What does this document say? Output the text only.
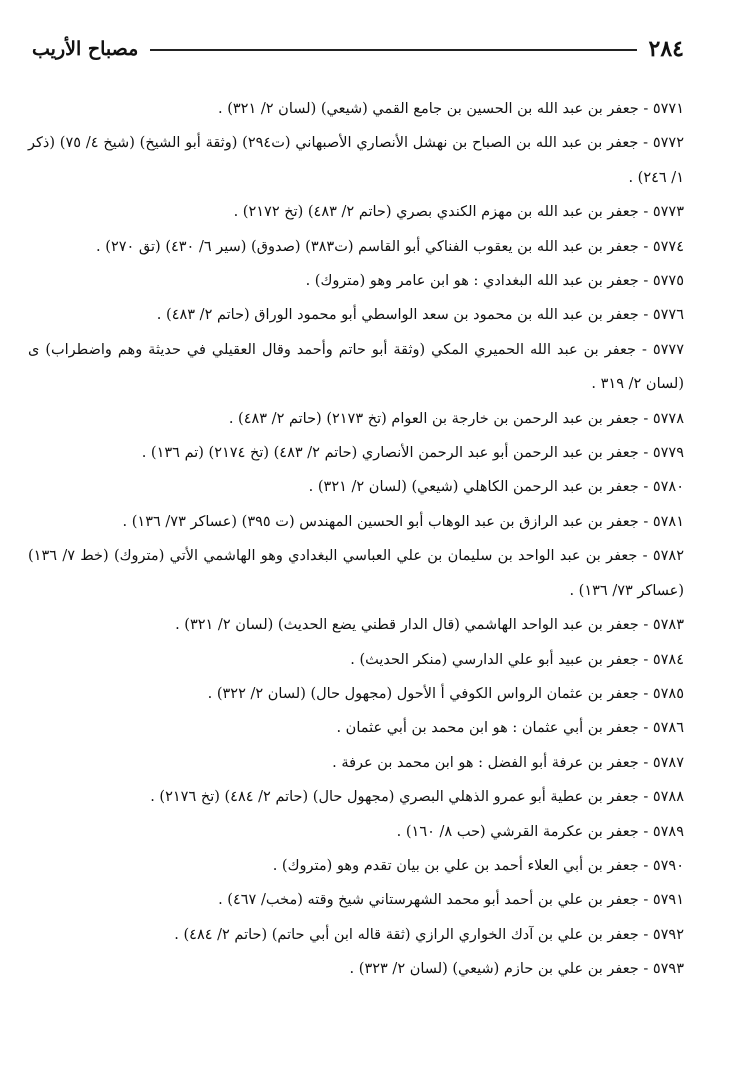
٢٨٤
مصباح الأريب
٥٧٧١ - جعفر بن عبد الله بن الحسين بن جامع القمي (شيعي) (لسان ٢/ ٣٢١) .
٥٧٧٢ - جعفر بن عبد الله بن الصباح بن نهشل الأنصاري الأصبهاني (ت٢٩٤) (وثقة أبو الشيخ) (شيخ ٤/ ٧٥) (ذكر ١/ ٢٤٦) .
٥٧٧٣ - جعفر بن عبد الله بن مهزم الكندي بصري (حاتم ٢/ ٤٨٣) (تخ ٢١٧٢) .
٥٧٧٤ - جعفر بن عبد الله بن يعقوب الفناكي أبو القاسم (ت٣٨٣) (صدوق) (سير ٦/ ٤٣٠) (تق ٢٧٠) .
٥٧٧٥ - جعفر بن عبد الله البغدادي : هو ابن عامر وهو (متروك) .
٥٧٧٦ - جعفر بن عبد الله بن محمود بن سعد الواسطي أبو محمود الوراق (حاتم ٢/ ٤٨٣) .
٥٧٧٧ - جعفر بن عبد الله الحميري المكي (وثقة أبو حاتم وأحمد وقال العقيلي في حديثة وهم واضطراب) ى (لسان ٢/ ٣١٩ .
٥٧٧٨ - جعفر بن عبد الرحمن بن خارجة بن العوام (تخ ٢١٧٣) (حاتم ٢/ ٤٨٣) .
٥٧٧٩ - جعفر بن عبد الرحمن أبو عبد الرحمن الأنصاري (حاتم ٢/ ٤٨٣) (تخ ٢١٧٤) (تم ١٣٦) .
٥٧٨٠ - جعفر بن عبد الرحمن الكاهلي (شيعي) (لسان ٢/ ٣٢١) .
٥٧٨١ - جعفر بن عبد الرازق بن عبد الوهاب أبو الحسين المهندس (ت ٣٩٥) (عساكر ٧٣/ ١٣٦) .
٥٧٨٢ - جعفر بن عبد الواحد بن سليمان بن علي العباسي البغدادي وهو الهاشمي الأتي (متروك) (خط ٧/ ١٣٦) (عساكر ٧٣/ ١٣٦) .
٥٧٨٣ - جعفر بن عبد الواحد الهاشمي (قال الدار قطني يضع الحديث) (لسان ٢/ ٣٢١) .
٥٧٨٤ - جعفر بن عبيد أبو علي الدارسي (منكر الحديث) .
٥٧٨٥ - جعفر بن عثمان الرواس الكوفي أ الأحول (مجهول حال) (لسان ٢/ ٣٢٢) .
٥٧٨٦ - جعفر بن أبي عثمان : هو ابن محمد بن أبي عثمان .
٥٧٨٧ - جعفر بن عرفة أبو الفضل : هو ابن محمد بن عرفة .
٥٧٨٨ - جعفر بن عطية أبو عمرو الذهلي البصري (مجهول حال) (حاتم ٢/ ٤٨٤) (تخ ٢١٧٦) .
٥٧٨٩ - جعفر بن عكرمة القرشي (حب ٨/ ١٦٠) .
٥٧٩٠ - جعفر بن أبي العلاء أحمد بن علي بن بيان تقدم وهو (متروك) .
٥٧٩١ - جعفر بن علي بن أحمد أبو محمد الشهرستاني شيخ وقته (مخب/ ٤٦٧) .
٥٧٩٢ - جعفر بن علي بن آدك الخواري الرازي (ثقة قاله ابن أبي حاتم) (حاتم ٢/ ٤٨٤) .
٥٧٩٣ - جعفر بن علي بن حازم (شيعي) (لسان ٢/ ٣٢٣) .
